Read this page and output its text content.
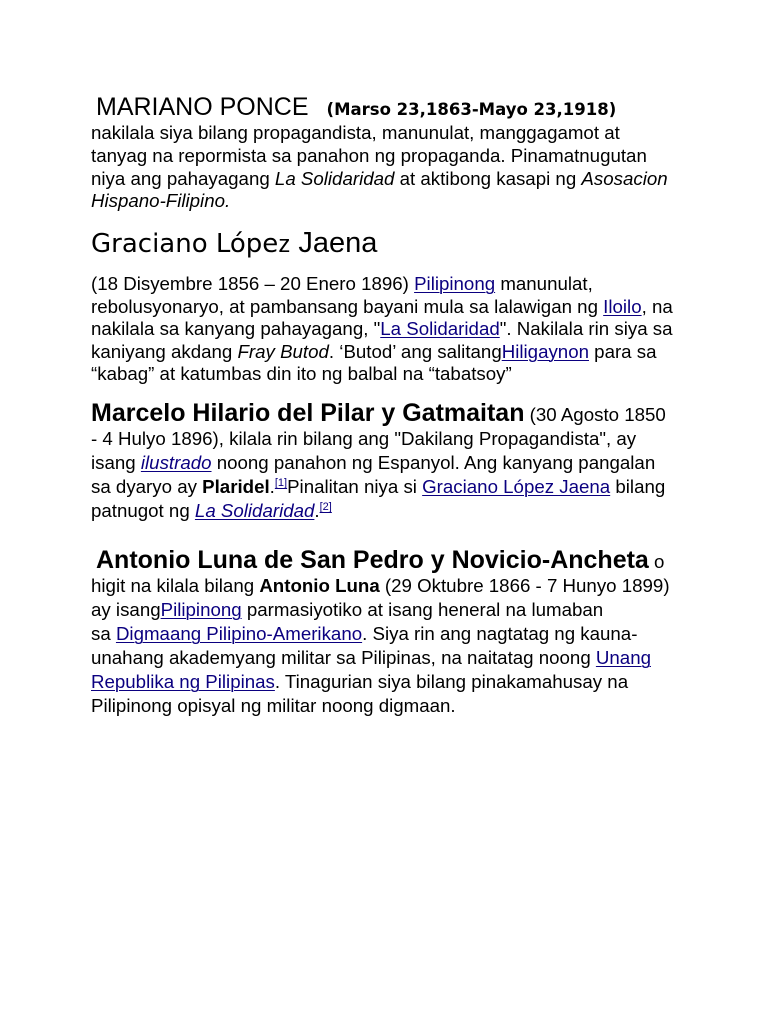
MARIANO PONCE (Marso 23,1863-Mayo 23,1918)
nakilala siya bilang propagandista, manunulat, manggagamot at
tanyag na repormista sa panahon ng propaganda. Pinamatnugutan
niya ang pahayagang La Solidaridad at aktibong kasapi ng Asosacion
Hispano-Filipino.
Graciano López Jaena
(18 Disyembre 1856 – 20 Enero 1896) Pilipinong manunulat,
rebolusyonaryo, at pambansang bayani mula sa lalawigan ng Iloilo, na
nakilala sa kanyang pahayagang, "La Solidaridad". Nakilala rin siya sa
kaniyang akdang Fray Butod. ‘Butod’ ang salitangHiligaynon para sa
“kabag” at katumbas din ito ng balbal na “tabatsoy”
Marcelo Hilario del Pilar y Gatmaitan (30 Agosto 1850
- 4 Hulyo 1896), kilala rin bilang ang "Dakilang Propagandista", ay
isang ilustrado noong panahon ng Espanyol. Ang kanyang pangalan
sa dyaryo ay Plaridel.[1]Pinalitan niya si Graciano López Jaena bilang
patnugot ng La Solidaridad.[2]
Antonio Luna de San Pedro y Novicio-Ancheta o
higit na kilala bilang Antonio Luna (29 Oktubre 1866 - 7 Hunyo 1899)
ay isangPilipinong parmasiyotiko at isang heneral na lumaban
sa Digmaang Pilipino-Amerikano. Siya rin ang nagtatag ng kauna-
unahang akademyang militar sa Pilipinas, na naitatag noong Unang
Republika ng Pilipinas. Tinagurian siya bilang pinakamahusay na
Pilipinong opisyal ng militar noong digmaan.
